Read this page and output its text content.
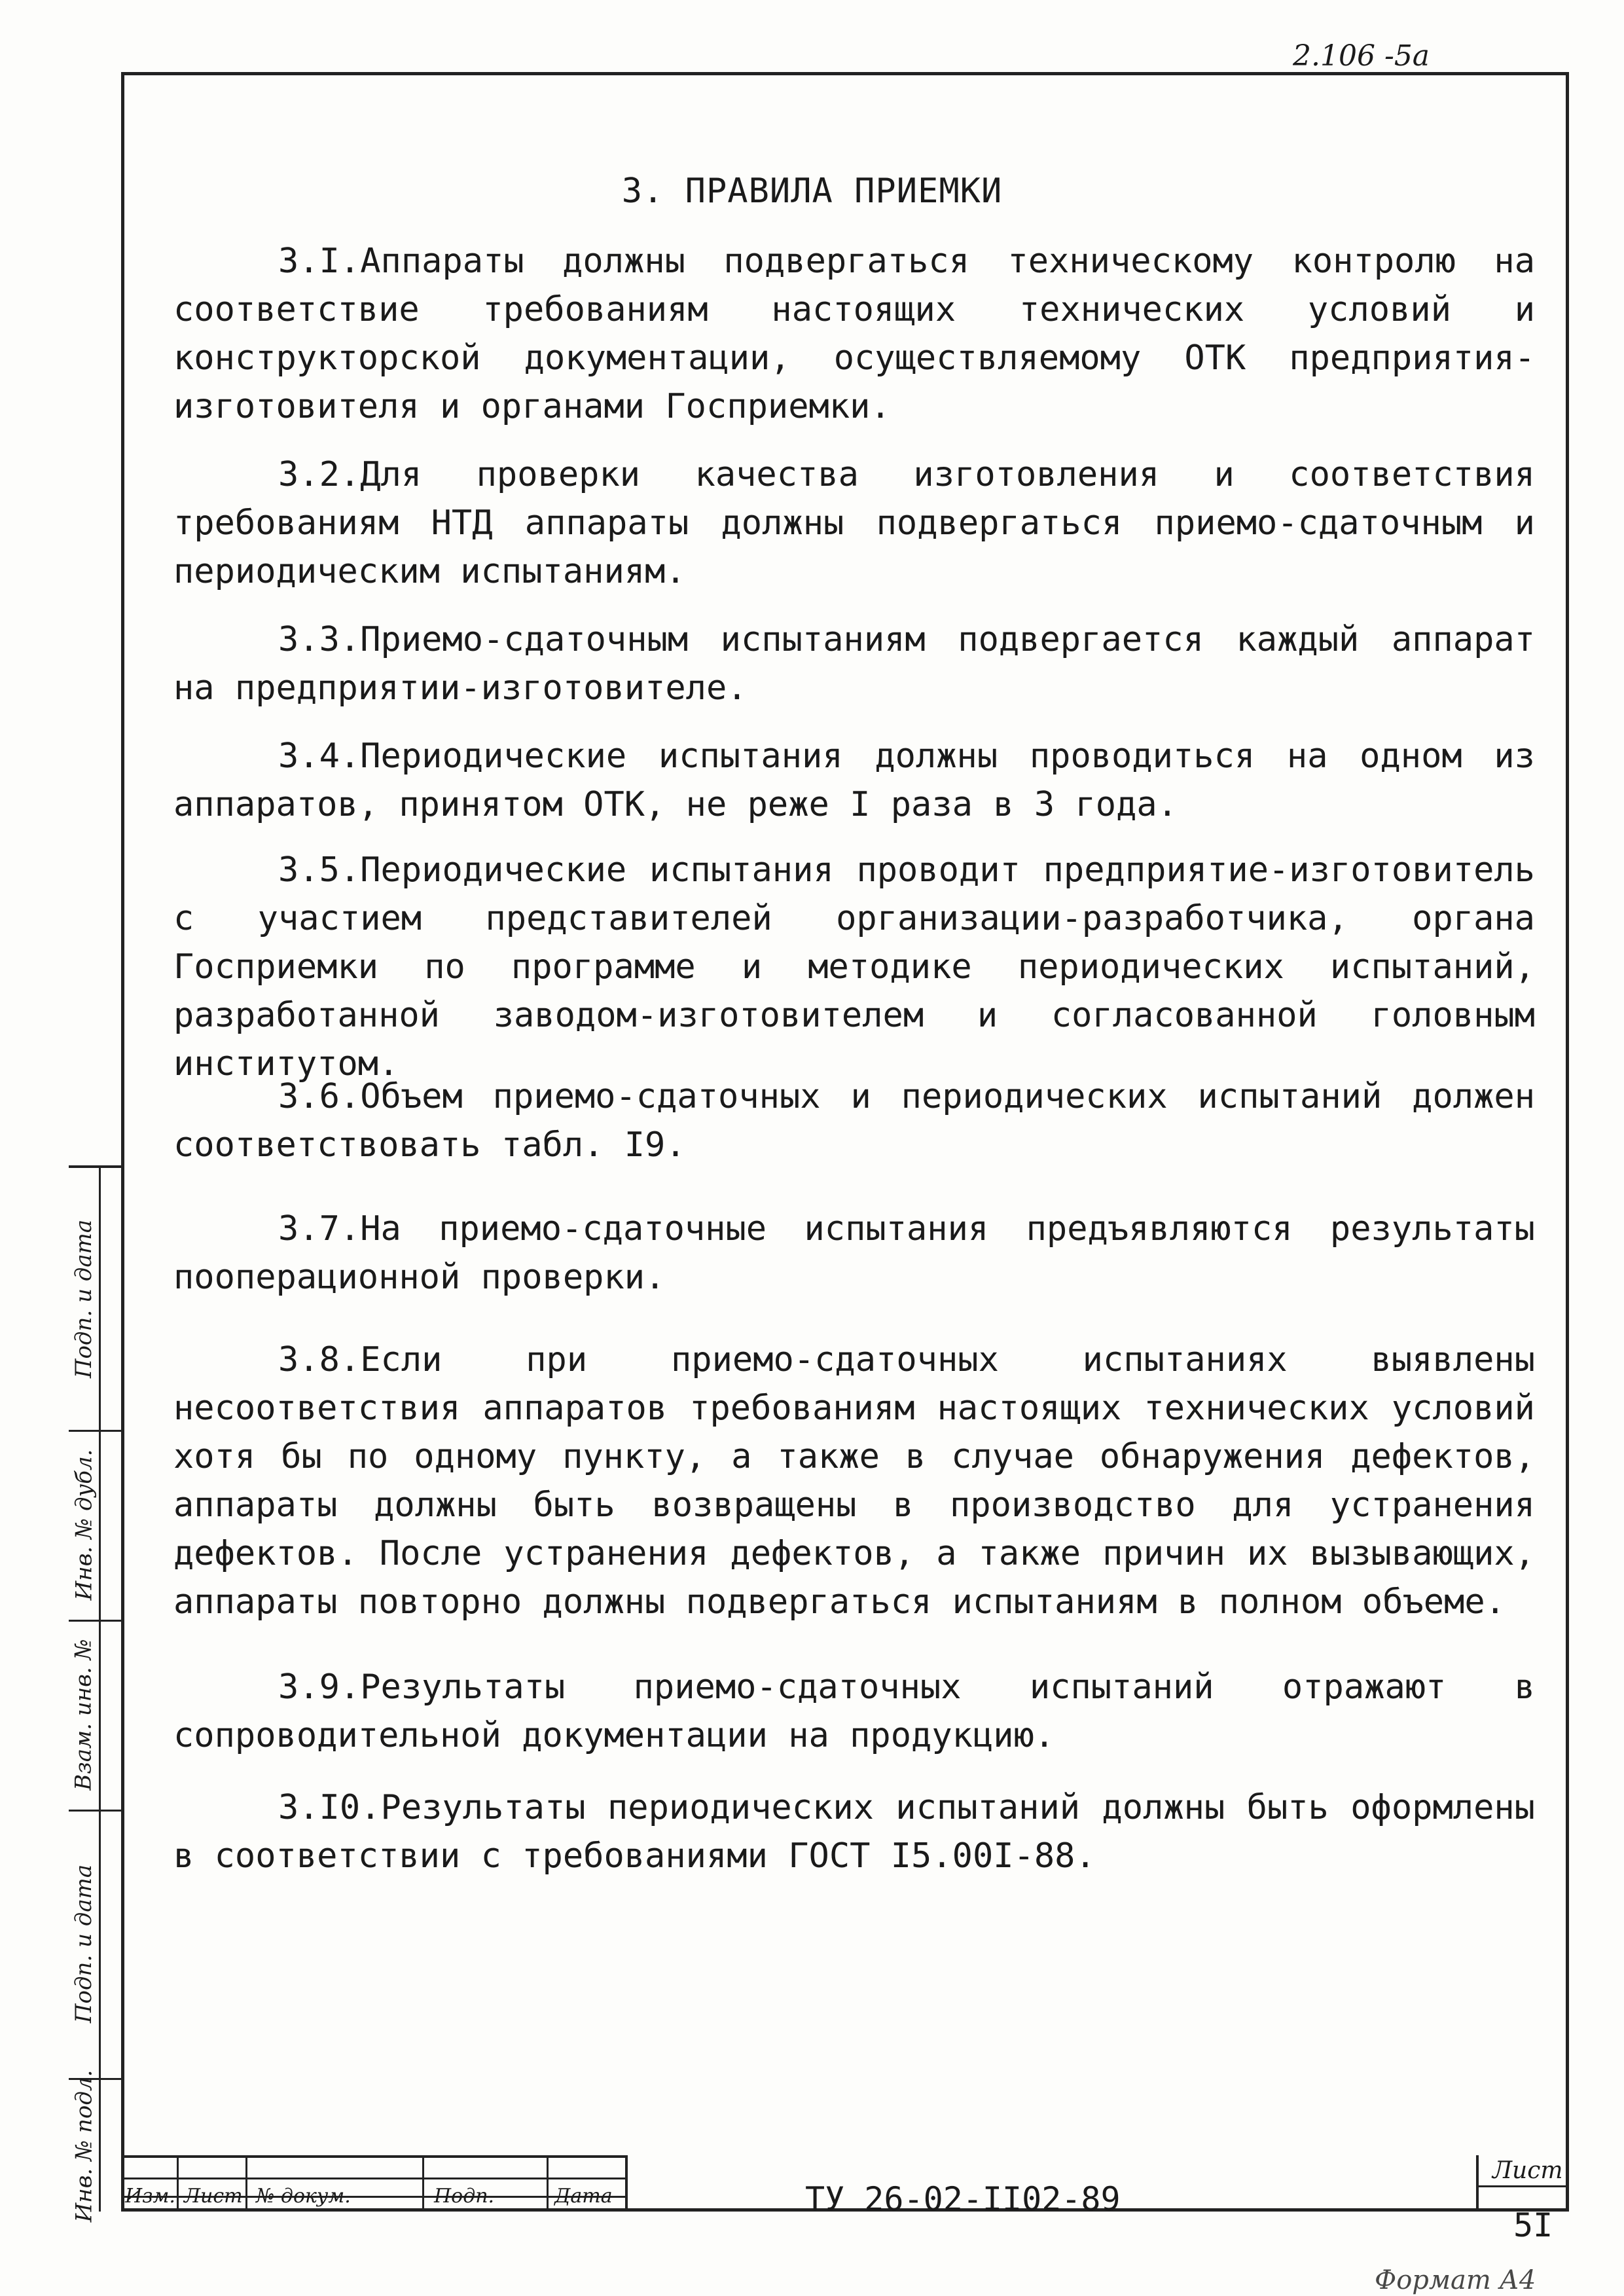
2.106 -5а
3. ПРАВИЛА ПРИЕМКИ

3.I.Аппараты должны подвергаться техническому контролю на соответствие требованиям настоящих технических условий и конструкторской документации, осуществляемому ОТК предприятия-изготовителя и органами Госприемки.

3.2.Для проверки качества изготовления и соответствия требованиям НТД аппараты должны подвергаться приемо-сдаточным и периодическим испытаниям.

3.3.Приемо-сдаточным испытаниям подвергается каждый аппарат на предприятии-изготовителе.

3.4.Периодические испытания должны проводиться на одном из аппаратов, принятом ОТК, не реже I раза в 3 года.

3.5.Периодические испытания проводит предприятие-изготовитель с участием представителей организации-разработчика, органа Госприемки по программе и методике периодических испытаний, разработанной заводом-изготовителем и согласованной головным институтом.

3.6.Объем приемо-сдаточных и периодических испытаний должен соответствовать табл. I9.

3.7.На приемо-сдаточные испытания предъявляются результаты пооперационной проверки.

3.8.Если при приемо-сдаточных испытаниях выявлены несоответствия аппаратов требованиям настоящих технических условий хотя бы по одному пункту, а также в случае обнаружения дефектов, аппараты должны быть возвращены в производство для устранения дефектов. После устранения дефектов, а также причин их вызывающих, аппараты повторно должны подвергаться испытаниям в полном объеме.

3.9.Результаты приемо-сдаточных испытаний отражают в сопроводительной документации на продукцию.

3.I0.Результаты периодических испытаний должны быть оформлены в соответствии с требованиями ГОСТ I5.00I-88.

Подп. и дата
Инв. № дубл.
Взам. инв. №
Подп. и дата
Инв. № подл. Изм. Лист № докум.	Подп.	Дата	ТУ 26-02-II02-89
Лист
5I
Формат А4
